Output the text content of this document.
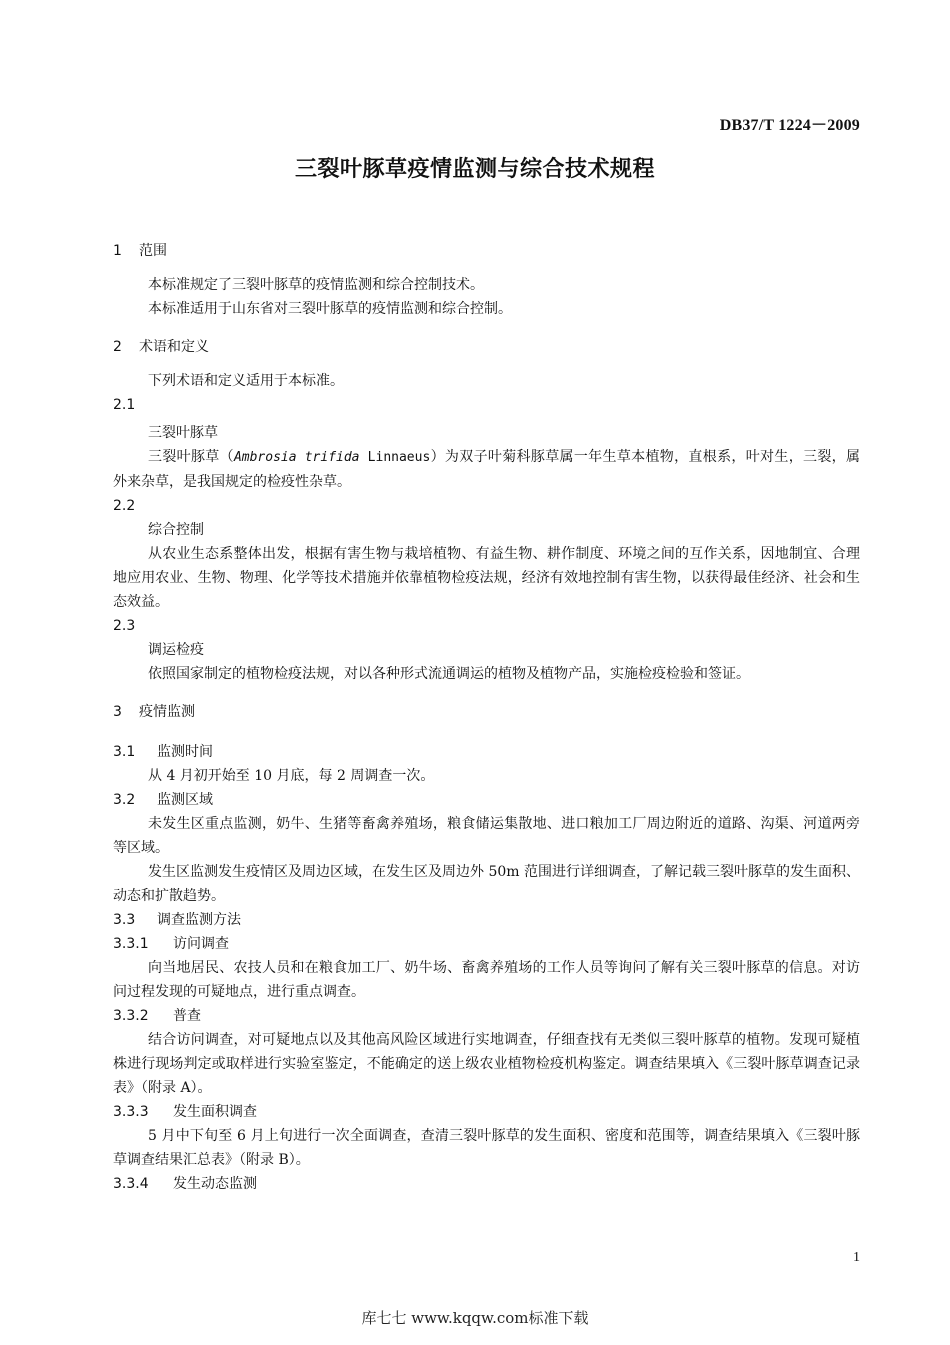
DB37/T 1224－2009
三裂叶豚草疫情监测与综合技术规程
1 范围

本标准规定了三裂叶豚草的疫情监测和综合控制技术。

本标准适用于山东省对三裂叶豚草的疫情监测和综合控制。

2 术语和定义

下列术语和定义适用于本标准。

2.1
三裂叶豚草

三裂叶豚草（Ambrosia trifida Linnaeus）为双子叶菊科豚草属一年生草本植物，直根系，叶对生，三裂，属外来杂草，是我国规定的检疫性杂草。

2.2
综合控制

从农业生态系整体出发，根据有害生物与栽培植物、有益生物、耕作制度、环境之间的互作关系，因地制宜、合理地应用农业、生物、物理、化学等技术措施并依靠植物检疫法规，经济有效地控制有害生物，以获得最佳经济、社会和生态效益。

2.3
调运检疫

依照国家制定的植物检疫法规，对以各种形式流通调运的植物及植物产品，实施检疫检验和签证。

3 疫情监测
3.1 监测时间

从 4 月初开始至 10 月底，每 2 周调查一次。

3.2 监测区域

未发生区重点监测，奶牛、生猪等畜禽养殖场，粮食储运集散地、进口粮加工厂周边附近的道路、沟渠、河道两旁等区域。

发生区监测发生疫情区及周边区域，在发生区及周边外 50m 范围进行详细调查，了解记载三裂叶豚草的发生面积、动态和扩散趋势。

3.3 调查监测方法
3.3.1 访问调查

向当地居民、农技人员和在粮食加工厂、奶牛场、畜禽养殖场的工作人员等询问了解有关三裂叶豚草的信息。对访问过程发现的可疑地点，进行重点调查。

3.3.2 普查

结合访问调查，对可疑地点以及其他高风险区域进行实地调查，仔细查找有无类似三裂叶豚草的植物。发现可疑植株进行现场判定或取样进行实验室鉴定，不能确定的送上级农业植物检疫机构鉴定。调查结果填入《三裂叶豚草调查记录表》（附录 A）。

3.3.3 发生面积调查

5 月中下旬至 6 月上旬进行一次全面调查，查清三裂叶豚草的发生面积、密度和范围等，调查结果填入《三裂叶豚草调查结果汇总表》（附录 B）。

3.3.4 发生动态监测
1
库七七 www.kqqw.com标准下载
